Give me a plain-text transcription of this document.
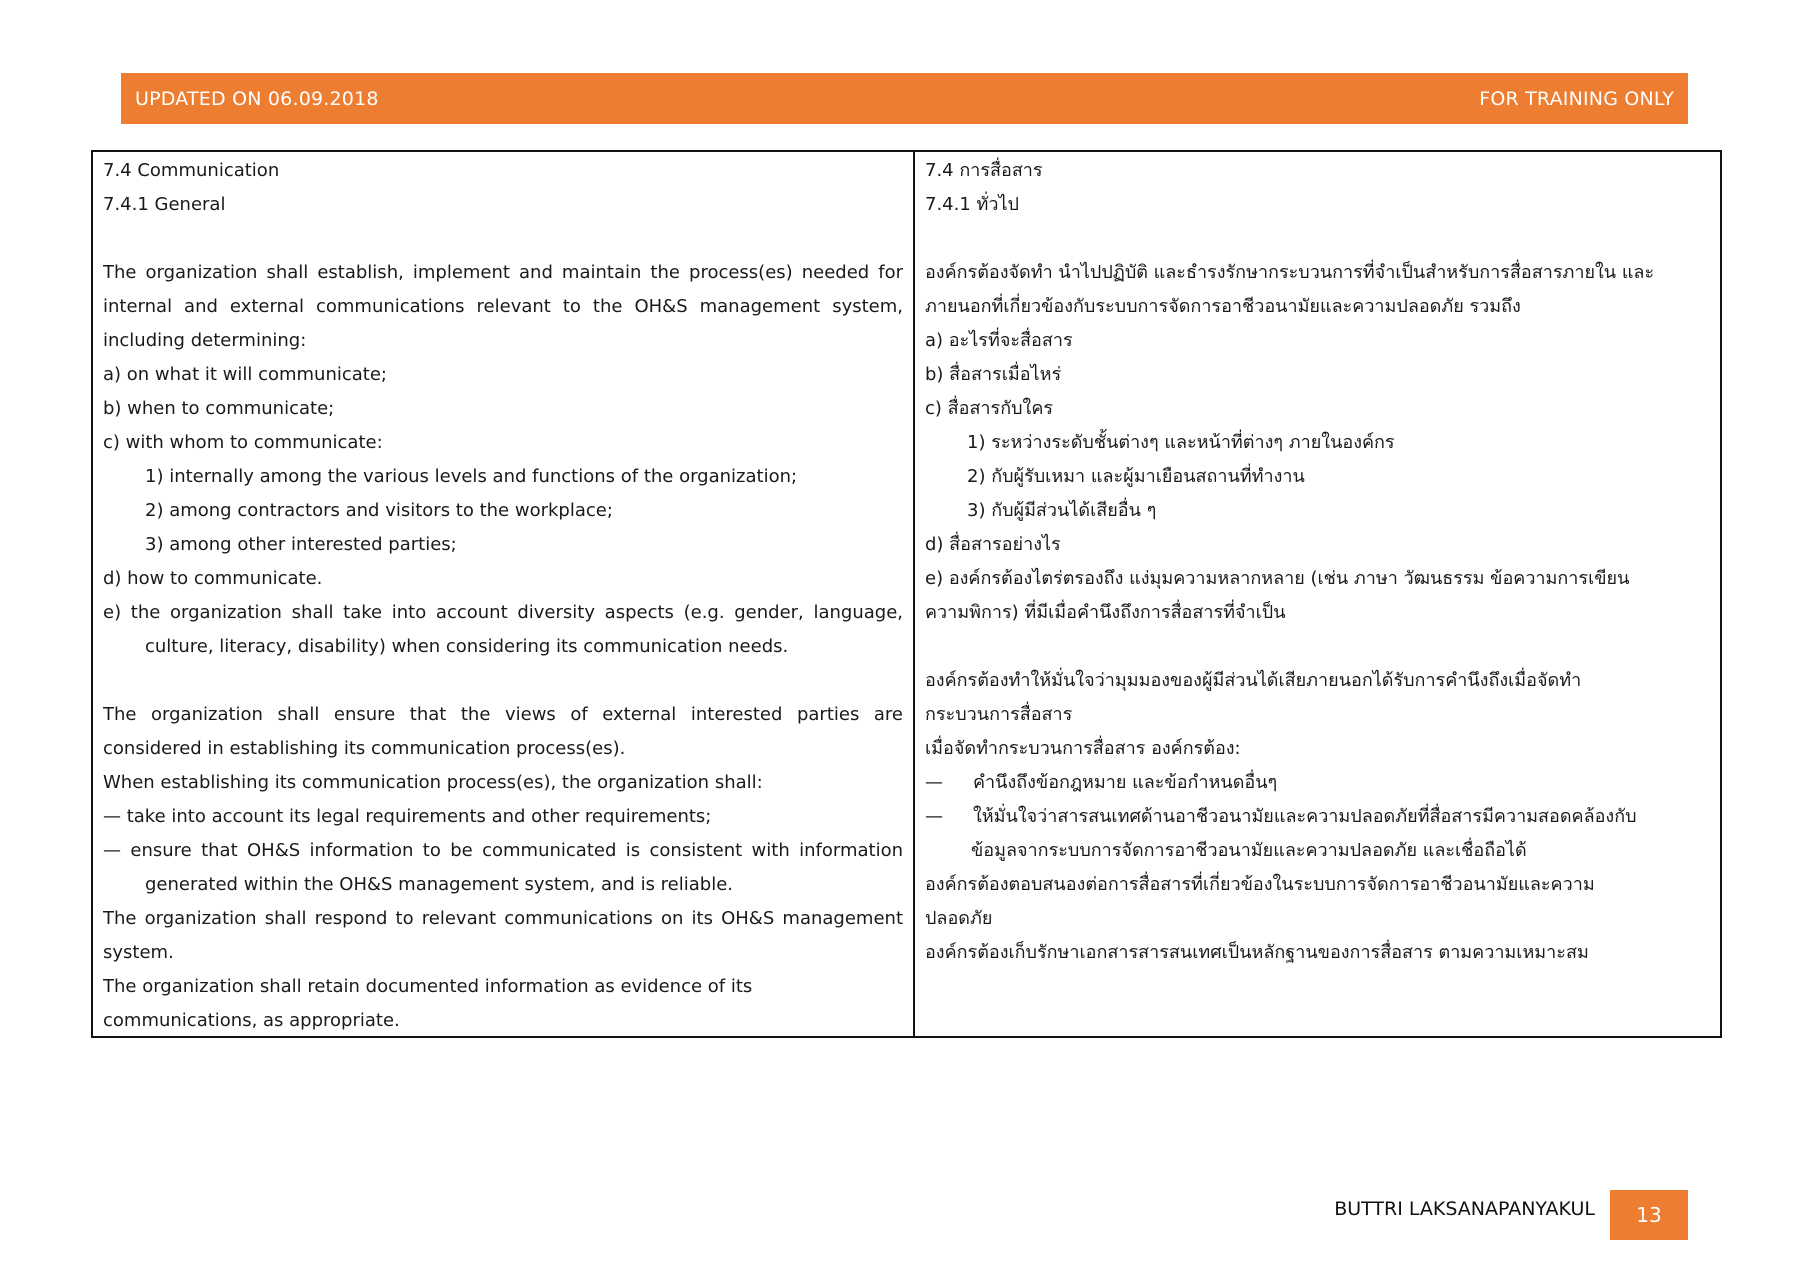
UPDATED ON 06.09.2018	FOR TRAINING ONLY
7.4 Communication
7.4.1 General
The organization shall establish, implement and maintain the process(es) needed for
internal and external communications relevant to the OH&S management system,
including determining:
a) on what it will communicate;
b) when to communicate;
c) with whom to communicate:
1) internally among the various levels and functions of the organization;
2) among contractors and visitors to the workplace;
3) among other interested parties;
d) how to communicate.
e) the organization shall take into account diversity aspects (e.g. gender, language,
culture, literacy, disability) when considering its communication needs.
The organization shall ensure that the views of external interested parties are
considered in establishing its communication process(es).
When establishing its communication process(es), the organization shall:
— take into account its legal requirements and other requirements;
— ensure that OH&S information to be communicated is consistent with information
generated within the OH&S management system, and is reliable.
The organization shall respond to relevant communications on its OH&S management
system.
The organization shall retain documented information as evidence of its
communications, as appropriate.
7.4 การสื่อสาร
7.4.1 ทั่วไป
องค์กรต้องจัดทำ นำไปปฏิบัติ และธำรงรักษากระบวนการที่จำเป็นสำหรับการสื่อสารภายใน และ
ภายนอกที่เกี่ยวข้องกับระบบการจัดการอาชีวอนามัยและความปลอดภัย รวมถึง
a) อะไรที่จะสื่อสาร
b) สื่อสารเมื่อไหร่
c) สื่อสารกับใคร
1) ระหว่างระดับชั้นต่างๆ และหน้าที่ต่างๆ ภายในองค์กร
2) กับผู้รับเหมา และผู้มาเยือนสถานที่ทำงาน
3) กับผู้มีส่วนได้เสียอื่น ๆ
d) สื่อสารอย่างไร
e) องค์กรต้องไตร่ตรองถึง แง่มุมความหลากหลาย (เช่น ภาษา วัฒนธรรม ข้อความการเขียน
ความพิการ) ที่มีเมื่อคำนึงถึงการสื่อสารที่จำเป็น
องค์กรต้องทำให้มั่นใจว่ามุมมองของผู้มีส่วนได้เสียภายนอกได้รับการคำนึงถึงเมื่อจัดทำ
กระบวนการสื่อสาร
เมื่อจัดทำกระบวนการสื่อสาร องค์กรต้อง:
— คำนึงถึงข้อกฎหมาย และข้อกำหนดอื่นๆ
— ให้มั่นใจว่าสารสนเทศด้านอาชีวอนามัยและความปลอดภัยที่สื่อสารมีความสอดคล้องกับ
ข้อมูลจากระบบการจัดการอาชีวอนามัยและความปลอดภัย และเชื่อถือได้
องค์กรต้องตอบสนองต่อการสื่อสารที่เกี่ยวข้องในระบบการจัดการอาชีวอนามัยและความ
ปลอดภัย
องค์กรต้องเก็บรักษาเอกสารสารสนเทศเป็นหลักฐานของการสื่อสาร ตามความเหมาะสม
BUTTRI LAKSANAPANYAKUL	13
